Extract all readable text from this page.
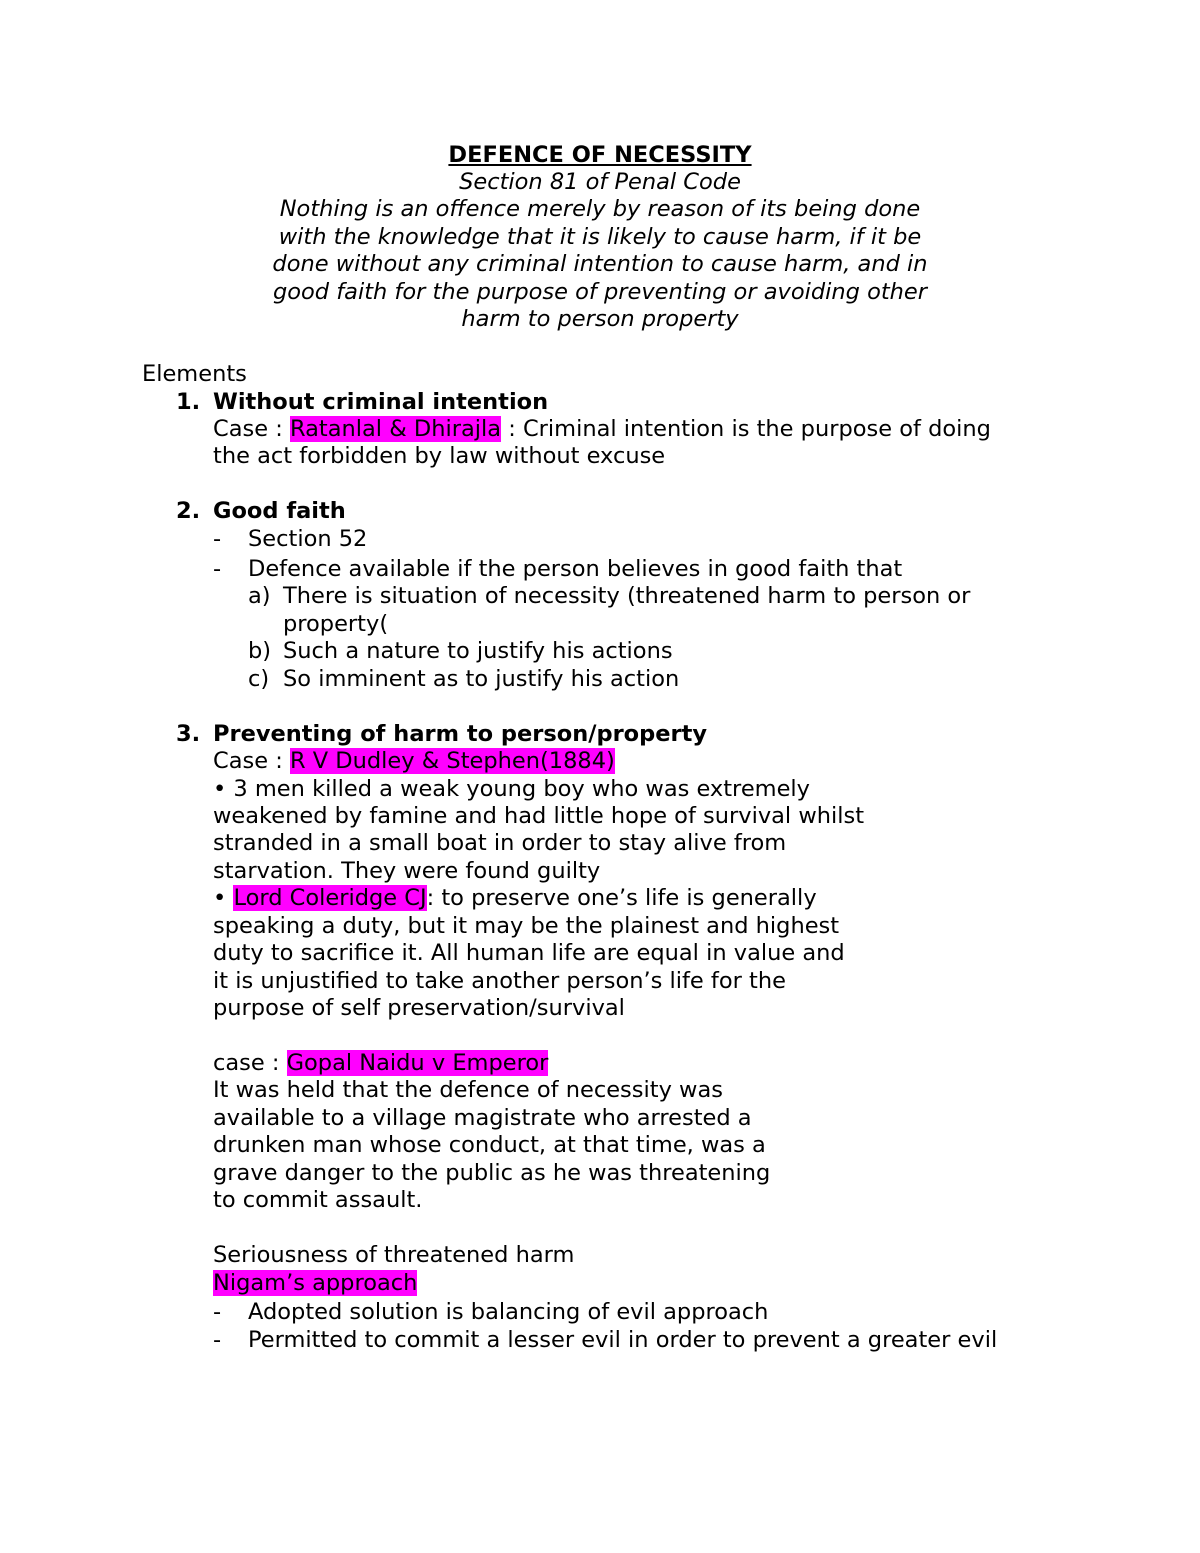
DEFENCE OF NECESSITY
Section 81 of Penal Code
Nothing is an offence merely by reason of its being done
with the knowledge that it is likely to cause harm, if it be
done without any criminal intention to cause harm, and in
good faith for the purpose of preventing or avoiding other
harm to person property
Elements
1. Without criminal intention
Case : Ratanlal & Dhirajla : Criminal intention is the purpose of doing
the act forbidden by law without excuse
2. Good faith
- Section 52
- Defence available if the person believes in good faith that
a) There is situation of necessity (threatened harm to person or
property(
b) Such a nature to justify his actions
c) So imminent as to justify his action
3. Preventing of harm to person/property
Case : R V Dudley & Stephen(1884)
• 3 men killed a weak young boy who was extremely
weakened by famine and had little hope of survival whilst
stranded in a small boat in order to stay alive from
starvation. They were found guilty
• Lord Coleridge CJ: to preserve one’s life is generally
speaking a duty, but it may be the plainest and highest
duty to sacrifice it. All human life are equal in value and
it is unjustified to take another person’s life for the
purpose of self preservation/survival
case : Gopal Naidu v Emperor
It was held that the defence of necessity was
available to a village magistrate who arrested a
drunken man whose conduct, at that time, was a
grave danger to the public as he was threatening
to commit assault.
Seriousness of threatened harm
Nigam’s approach
- Adopted solution is balancing of evil approach
- Permitted to commit a lesser evil in order to prevent a greater evil
